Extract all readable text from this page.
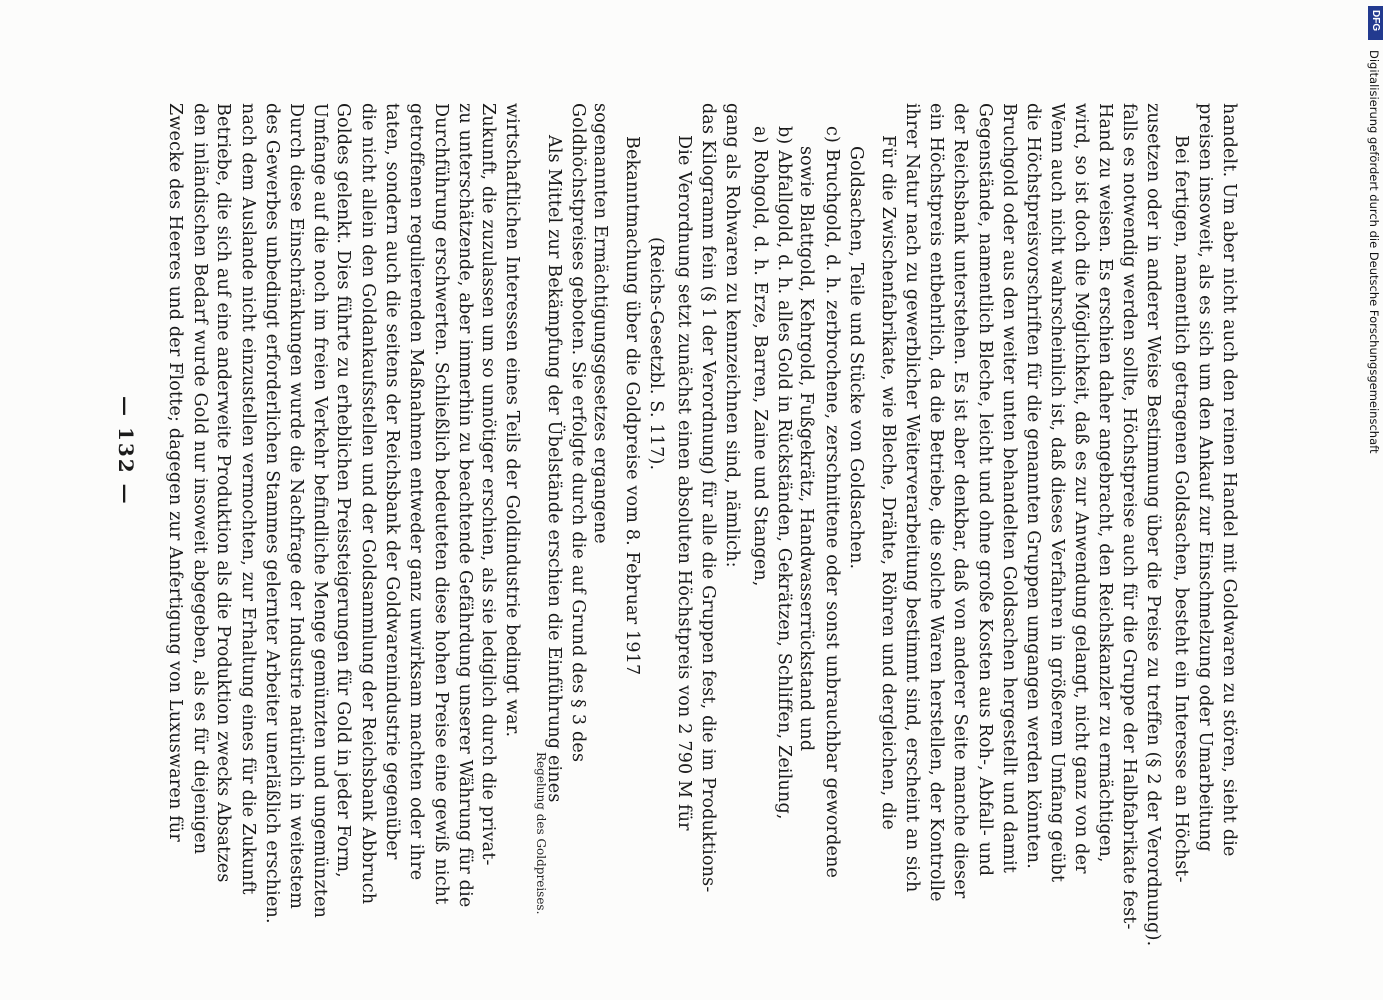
— 132 —
Regelung des Goldpreises.
Zwecke des Heeres und der Flotte; dagegen zur Anfertigung von Luxuswaren für den inländischen Bedarf wurde Gold nur insoweit abgegeben, als es für diejenigen Betriebe, die sich auf eine anderweite Produktion als die Produktion zwecks Absatzes nach dem Auslande nicht einzustellen vermochten, zur Erhaltung eines für die Zukunft des Gewerbes unbedingt erforderlichen Stammes gelernter Arbeiter unerläßlich erschien. Durch diese Einschränkungen wurde die Nachfrage der Industrie natürlich in weitestem Umfange auf die noch im freien Verkehr befindliche Menge gemünzten und ungemünzten Goldes gelenkt. Dies führte zu erheblichen Preissteigerungen für Gold in jeder Form, die nicht allein den Goldankaufsstellen und der Goldsammlung der Reichsbank Abbruch taten, sondern auch die seitens der Reichsbank der Goldwarenindustrie gegenüber getroffenen regulierenden Maßnahmen entweder ganz unwirksam machten oder ihre Durchführung erschwerten. Schließlich bedeuteten diese hohen Preise eine gewiß nicht zu unterschätzende, aber immerhin zu beachtende Gefährdung unserer Währung für die Zukunft, die zuzulassen um so unnötiger erschien, als sie lediglich durch die privat- wirtschaftlichen Interessen eines Teils der Goldindustrie bedingt war. Als Mittel zur Bekämpfung der Übelstände erschien die Einführung eines Goldhöchstpreises geboten. Sie erfolgte durch die auf Grund des § 3 des sogenannten Ermächtigungsgesetzes ergangene Bekanntmachung über die Goldpreise vom 8. Februar 1917 (Reichs-Gesetzbl. S. 117). Die Verordnung setzt zunächst einen absoluten Höchstpreis von 2 790 M für das Kilogramm fein (§ 1 der Verordnung) für alle die Gruppen fest, die im Produktions- gang als Rohwaren zu kennzeichnen sind, nämlich: a) Rohgold, d. h. Erze, Barren, Zaine und Stangen, b) Abfallgold, d. h. alles Gold in Rückständen, Gekrätzen, Schliffen, Zeilung, sowie Blattgold, Kehrgold, Fußgekrätz, Handwasserrückstand und c) Bruchgold, d. h. zerbrochene, zerschnittene oder sonst unbrauchbar gewordene Goldsachen, Teile und Stücke von Goldsachen. Für die Zwischenfabrikate, wie Bleche, Drähte, Röhren und dergleichen, die ihrer Natur nach zu gewerblicher Weiterverarbeitung bestimmt sind, erscheint an sich ein Höchstpreis entbehrlich, da die Betriebe, die solche Waren herstellen, der Kontrolle der Reichsbank unterstehen. Es ist aber denkbar, daß von anderer Seite manche dieser Gegenstände, namentlich Bleche, leicht und ohne große Kosten aus Roh-, Abfall- und Bruchgold oder aus den weiter unten behandelten Goldsachen hergestellt und damit die Höchstpreisvorschriften für die genannten Gruppen umgangen werden könnten. Wenn auch nicht wahrscheinlich ist, daß dieses Verfahren in größerem Umfang geübt wird, so ist doch die Möglichkeit, daß es zur Anwendung gelangt, nicht ganz von der Hand zu weisen. Es erschien daher angebracht, den Reichskanzler zu ermächtigen, falls es notwendig werden sollte, Höchstpreise auch für die Gruppe der Halbfabrikate fest- zusetzen oder in anderer Weise Bestimmung über die Preise zu treffen (§ 2 der Verordnung). Bei fertigen, namentlich getragenen Goldsachen, besteht ein Interesse an Höchst- preisen insoweit, als es sich um den Ankauf zur Einschmelzung oder Umarbeitung handelt. Um aber nicht auch den reinen Handel mit Goldwaren zu stören, sieht die	Digitalisierung gefördert durch die Deutsche Forschungsgemeinschaft
DFG
